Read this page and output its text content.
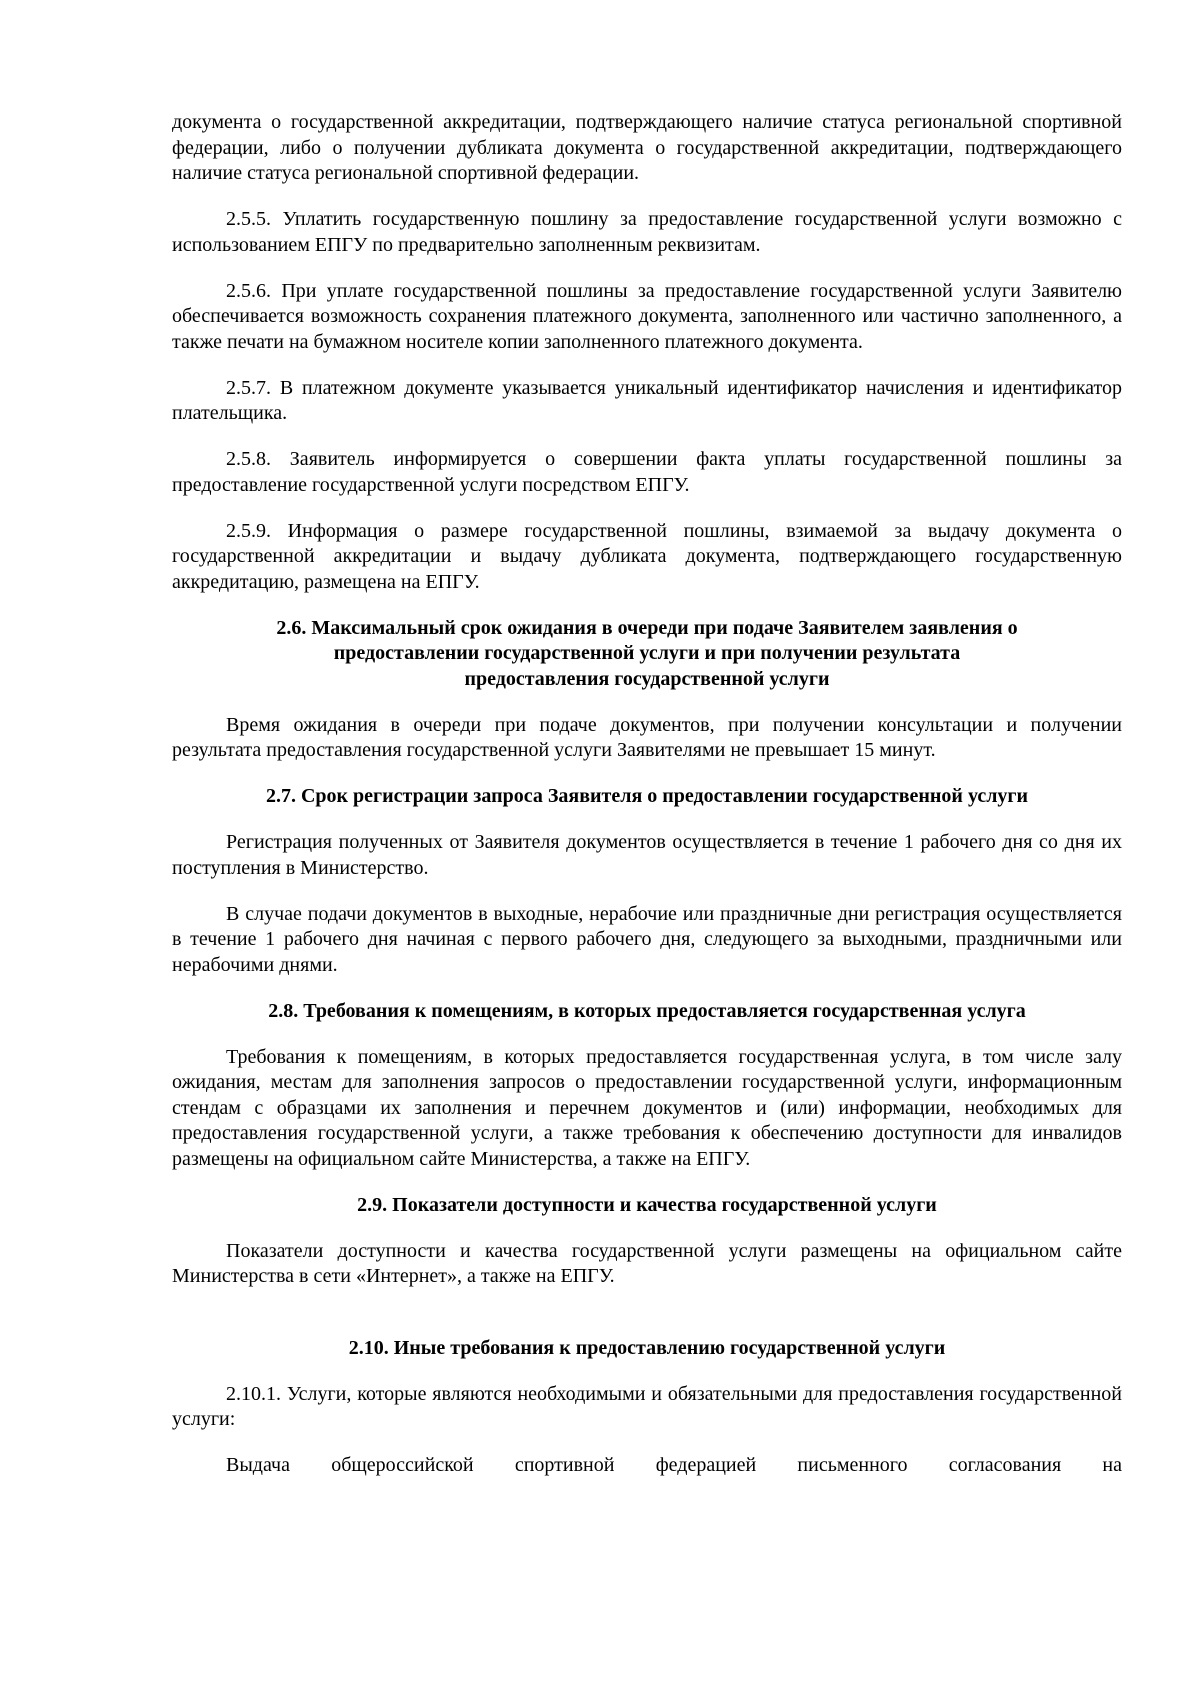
документа о государственной аккредитации, подтверждающего наличие статуса региональной спортивной федерации, либо о получении дубликата документа о государственной аккредитации, подтверждающего наличие статуса региональной спортивной федерации.

2.5.5. Уплатить государственную пошлину за предоставление государственной услуги возможно с использованием ЕПГУ по предварительно заполненным реквизитам.

2.5.6. При уплате государственной пошлины за предоставление государственной услуги Заявителю обеспечивается возможность сохранения платежного документа, заполненного или частично заполненного, а также печати на бумажном носителе копии заполненного платежного документа.

2.5.7. В платежном документе указывается уникальный идентификатор начисления и идентификатор плательщика.

2.5.8. Заявитель информируется о совершении факта уплаты государственной пошлины за предоставление государственной услуги посредством ЕПГУ.

2.5.9. Информация о размере государственной пошлины, взимаемой за выдачу документа о государственной аккредитации и выдачу дубликата документа, подтверждающего государственную аккредитацию, размещена на ЕПГУ.

2.6. Максимальный срок ожидания в очереди при подаче Заявителем заявления о
предоставлении государственной услуги и при получении результата
предоставления государственной услуги

Время ожидания в очереди при подаче документов, при получении консультации и получении результата предоставления государственной услуги Заявителями не превышает 15 минут.

2.7. Срок регистрации запроса Заявителя о предоставлении государственной услуги

Регистрация полученных от Заявителя документов осуществляется в течение 1 рабочего дня со дня их поступления в Министерство.

В случае подачи документов в выходные, нерабочие или праздничные дни регистрация осуществляется в течение 1 рабочего дня начиная с первого рабочего дня, следующего за выходными, праздничными или нерабочими днями.

2.8. Требования к помещениям, в которых предоставляется государственная услуга

Требования к помещениям, в которых предоставляется государственная услуга, в том числе залу ожидания, местам для заполнения запросов о предоставлении государственной услуги, информационным стендам с образцами их заполнения и перечнем документов и (или) информации, необходимых для предоставления государственной услуги, а также требования к обеспечению доступности для инвалидов размещены на официальном сайте Министерства, а также на ЕПГУ.

2.9. Показатели доступности и качества государственной услуги

Показатели доступности и качества государственной услуги размещены на официальном сайте Министерства в сети «Интернет», а также на ЕПГУ.

2.10. Иные требования к предоставлению государственной услуги

2.10.1. Услуги, которые являются необходимыми и обязательными для предоставления государственной услуги:

Выдача общероссийской спортивной федерацией письменного согласования на
